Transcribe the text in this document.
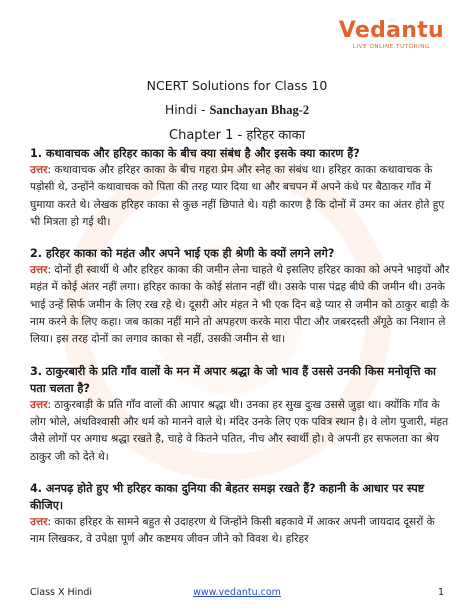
Vedantu
LIVE ONLINE TUTORING
NCERT Solutions for Class 10
Hindi - Sanchayan Bhag-2
Chapter 1 - हरिहर काका
1. कथावाचक और हरिहर काका के बीच क्या संबंध है और इसके क्या कारण हैं?
उत्तर: कथावाचक और हरिहर काका के बीच गहरा प्रेम और स्नेह का संबंध था। हरिहर काका कथावाचक के पड़ोसी थे, उन्होंने कथावाचक को पिता की तरह प्यार दिया था और बचपन में अपने कंधे पर बैठाकर गाँव में घुमाया करते थे। लेखक हरिहर काका से कुछ नहीं छिपाते थे। यही कारण है कि दोनों में उमर का अंतर होते हुए भी मित्रता हो गई थी।
2. हरिहर काका को महंत और अपने भाई एक ही श्रेणी के क्यों लगने लगे?
उत्तर: दोनों ही स्वार्थी थे और हरिहर काका की जमीन लेना चाहते थे इसलिए हरिहर काका को अपने भाइयों और महंत में कोई अंतर नहीं लगा। हरिहर काका के कोई संतान नहीं थी। उसके पास पंद्रह बीघे की जमीन थी। उनके भाई उन्हें सिर्फ जमीन के लिए रख रहे थे। दूसरी ओर मंहत ने भी एक दिन बड़े प्यार से जमीन को ठाकुर बाड़ी के नाम करने के लिए कहा। जब काका नहीं माने तो अपहरण करके मारा पीटा और जबरदस्ती अँगूठे का निशान ले लिया। इस तरह दोनों का लगाव काका से नहीं, उसकी जमीन से था।
3. ठाकुरबारी के प्रति गाँव वालों के मन में अपार श्रद्धा के जो भाव हैं उससे उनकी किस मनोवृत्ति का पता चलता है?
उत्तर: ठाकुरबाड़ी के प्रति गाँव वालों की आपार श्रद्धा थी। उनका हर सुख दुःख उससे जुड़ा था। क्योंकि गाँव के लोग भोले, अंधविश्वासी और धर्म को मानने वाले थे। मंदिर उनके लिए एक पवित्र स्थान है। वे लोग पुजारी, मंहत जैसे लोगों पर अगाध श्रद्धा रखते है, चाहे वे कितने पतित, नीच और स्वार्थी हो। वे अपनी हर सफलता का श्रेय ठाकुर जी को देते थे।
4. अनपढ़ होते हुए भी हरिहर काका दुनिया की बेहतर समझ रखते हैं? कहानी के आधार पर स्पष्ट कीजिए।
उत्तर: काका हरिहर के सामने बहुत से उदाहरण थे जिन्होंने किसी बहकावे में आकर अपनी जायदाद दूसरों के नाम लिखकर, वे उपेक्षा पूर्ण और कष्टमय जीवन जीने को विवश थे। हरिहर
Class X Hindi	www.vedantu.com	1
